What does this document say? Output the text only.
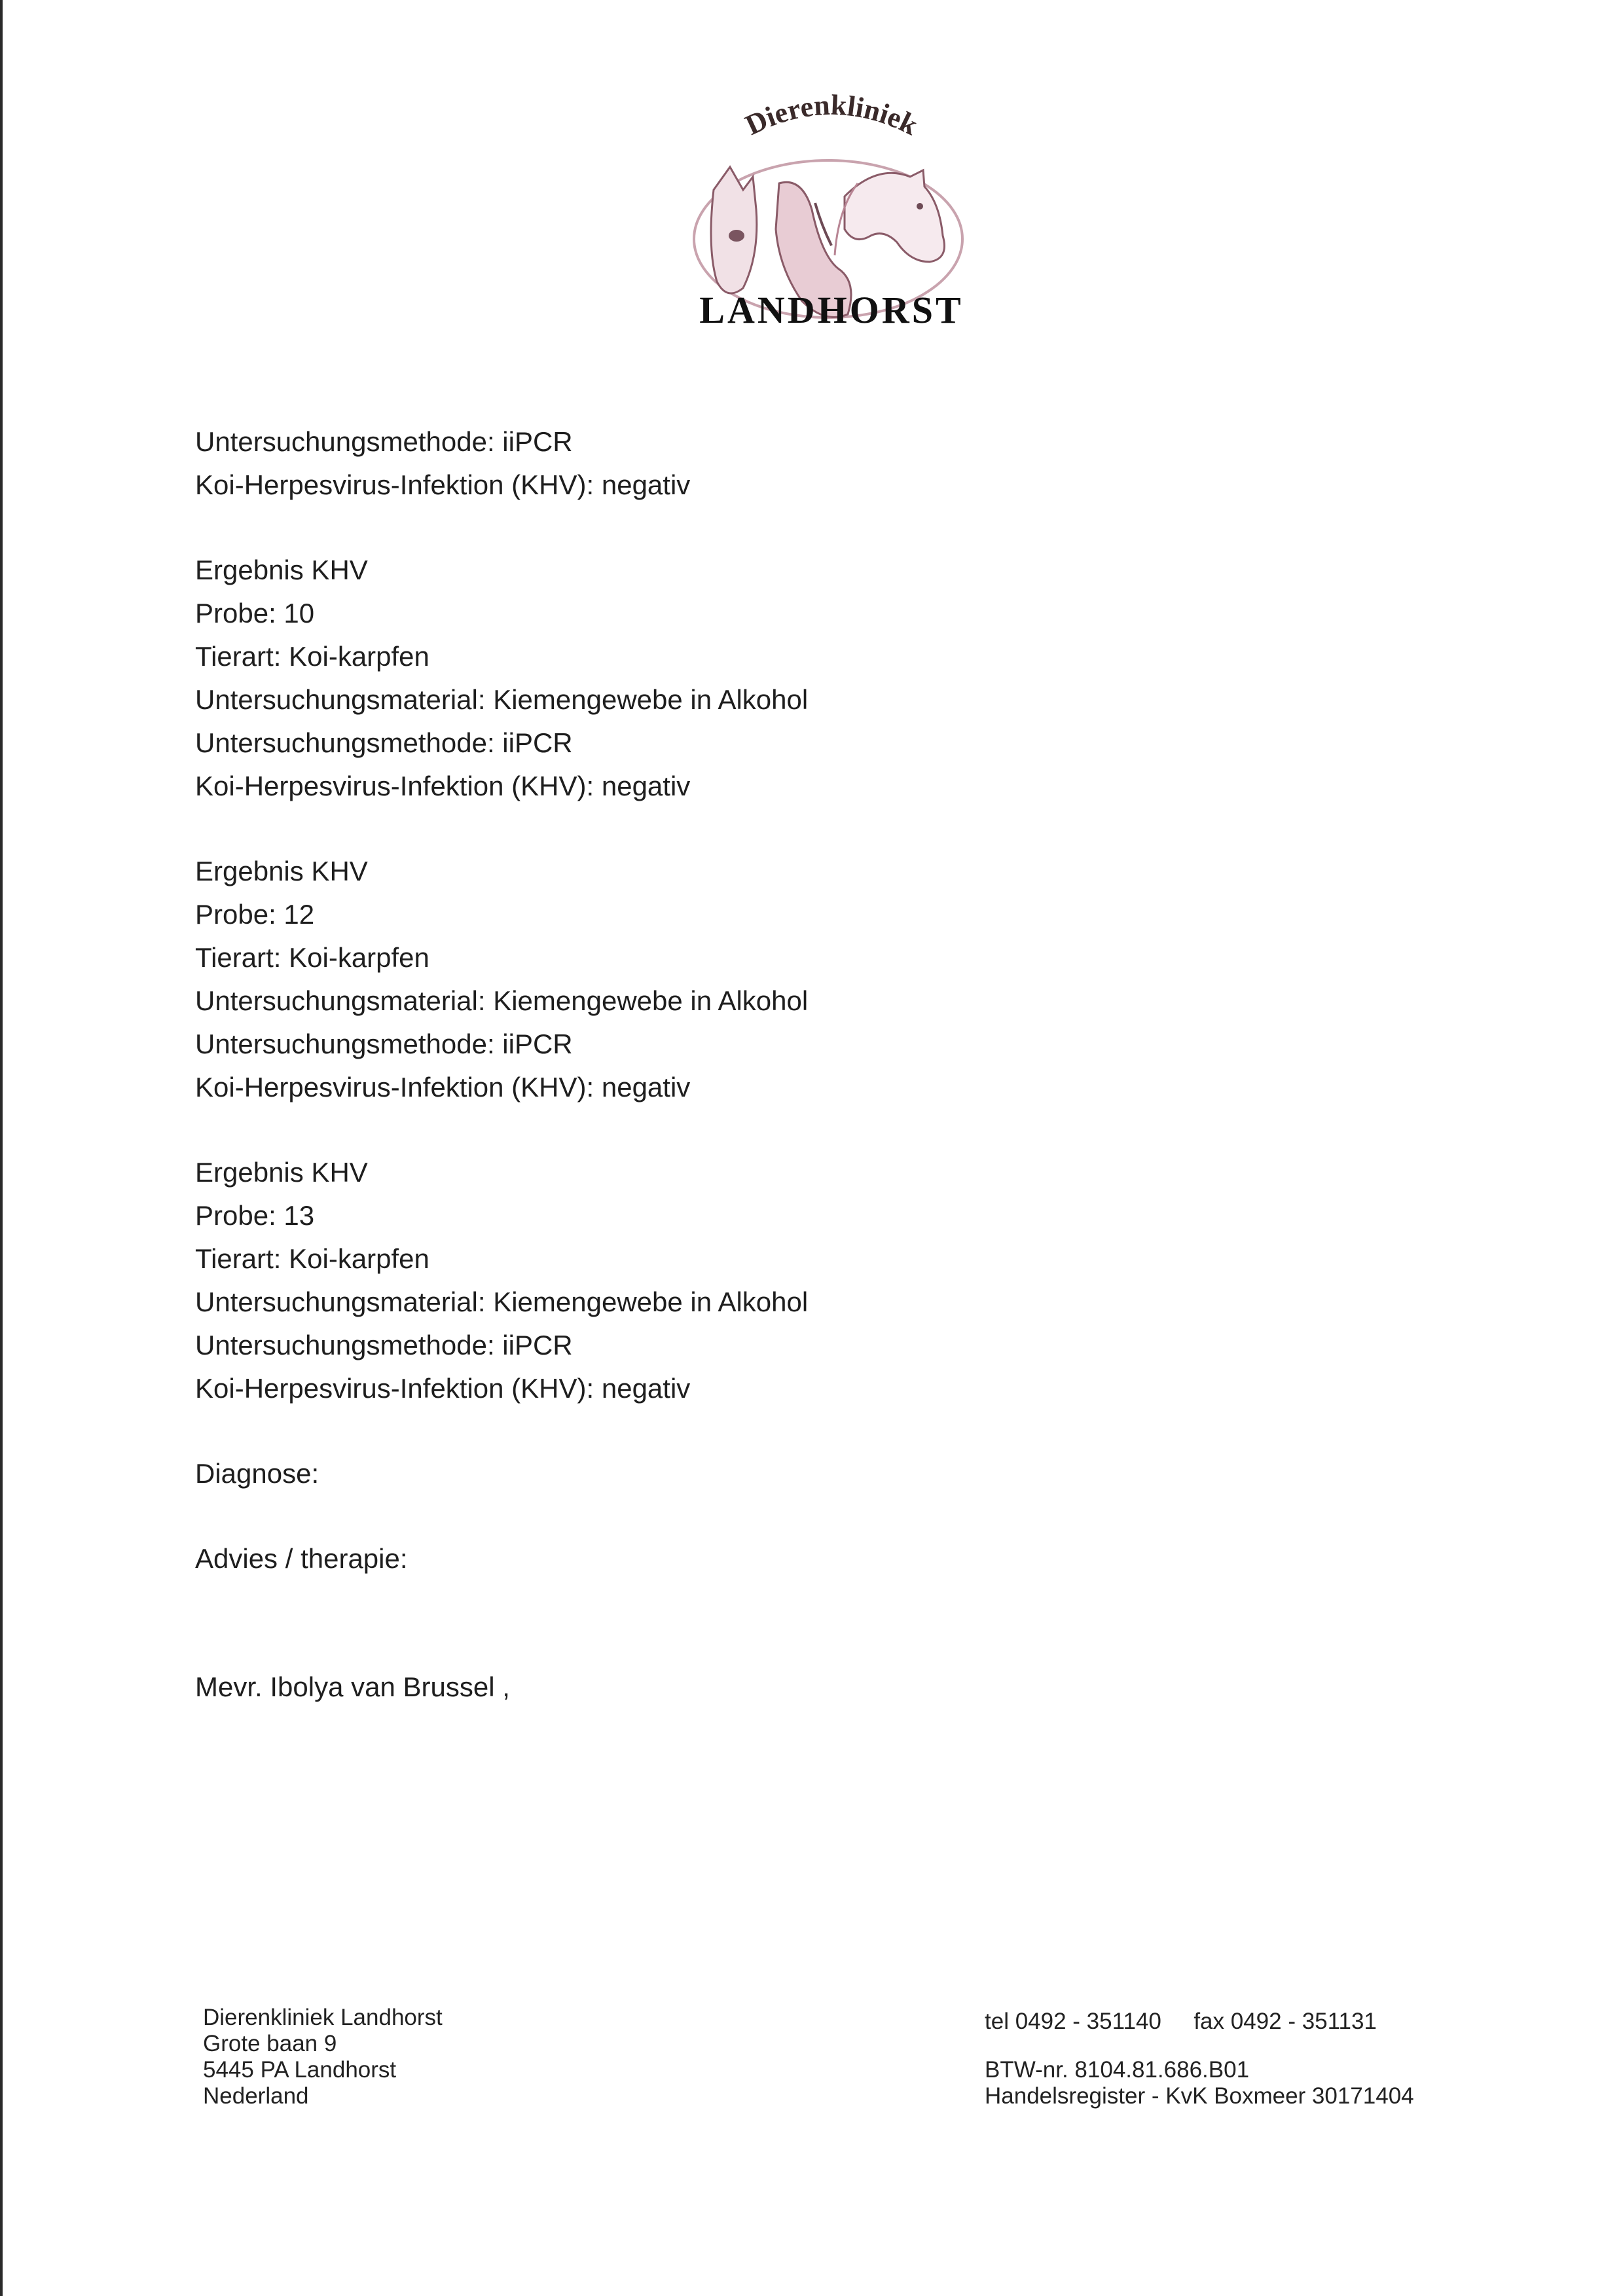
Dierenkliniek
LANDHORST
Untersuchungsmethode: iiPCR
Koi-Herpesvirus-Infektion (KHV): negativ
Ergebnis KHV
Probe: 10
Tierart: Koi-karpfen
Untersuchungsmaterial: Kiemengewebe in Alkohol
Untersuchungsmethode: iiPCR
Koi-Herpesvirus-Infektion (KHV): negativ
Ergebnis KHV
Probe: 12
Tierart: Koi-karpfen
Untersuchungsmaterial: Kiemengewebe in Alkohol
Untersuchungsmethode: iiPCR
Koi-Herpesvirus-Infektion (KHV): negativ
Ergebnis KHV
Probe: 13
Tierart: Koi-karpfen
Untersuchungsmaterial: Kiemengewebe in Alkohol
Untersuchungsmethode: iiPCR
Koi-Herpesvirus-Infektion (KHV): negativ
Diagnose:
Advies / therapie:
Mevr. Ibolya van Brussel ,
Dierenkliniek Landhorst
Grote baan 9
5445 PA Landhorst
Nederland
tel 0492 - 351140 fax 0492 - 351131
BTW-nr. 8104.81.686.B01
Handelsregister - KvK Boxmeer 30171404
